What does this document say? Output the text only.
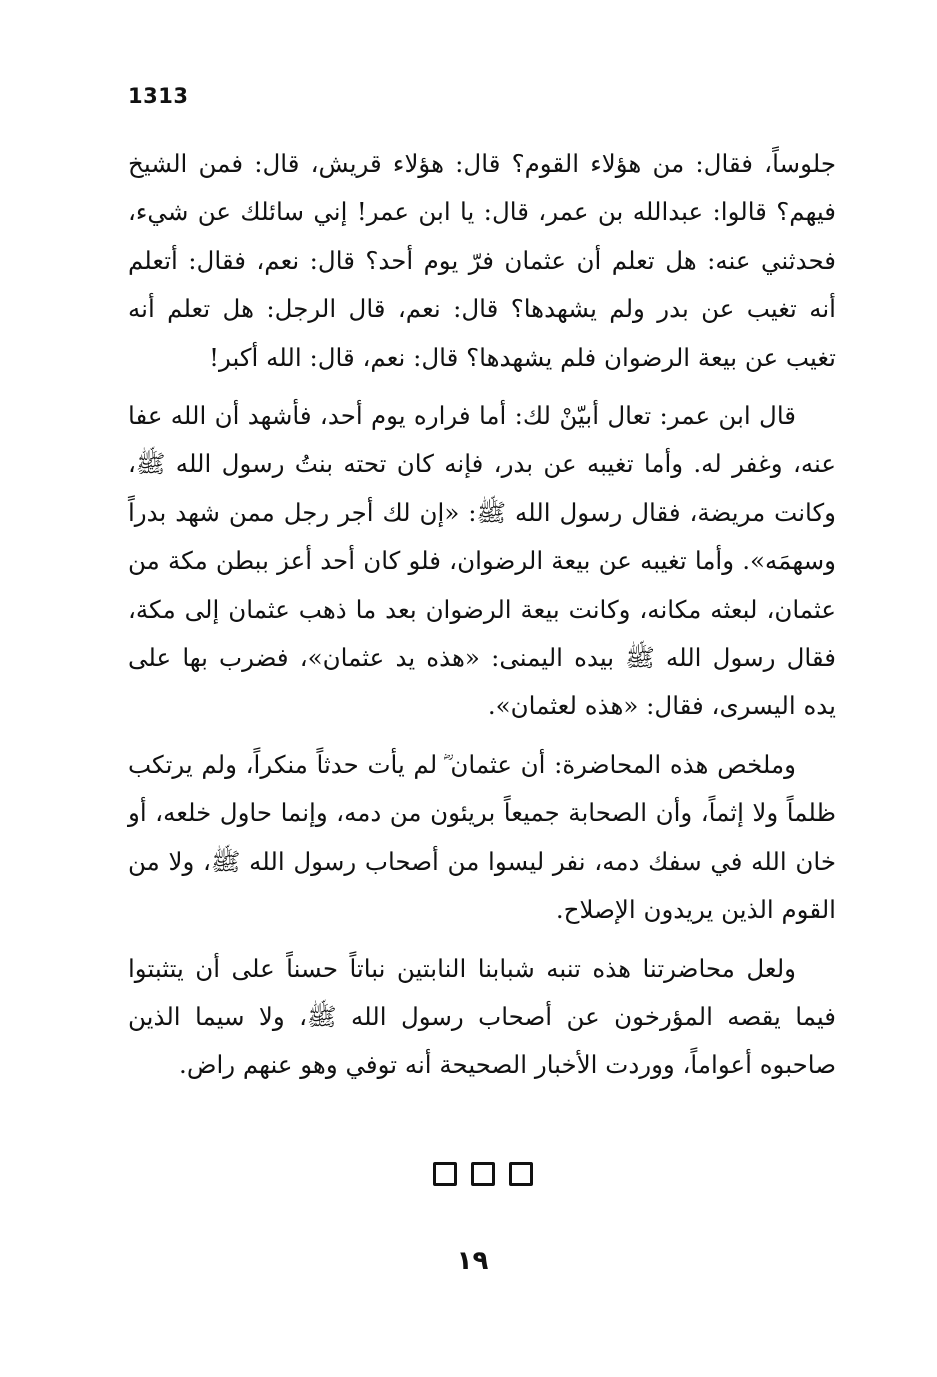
1313

جلوساً، فقال: من هؤلاء القوم؟ قال: هؤلاء قريش، قال: فمن الشيخ فيهم؟ قالوا: عبدالله بن عمر، قال: يا ابن عمر! إني سائلك عن شيء، فحدثني عنه: هل تعلم أن عثمان فرّ يوم أحد؟ قال: نعم، فقال: أتعلم أنه تغيب عن بدر ولم يشهدها؟ قال: نعم، قال الرجل: هل تعلم أنه تغيب عن بيعة الرضوان فلم يشهدها؟ قال: نعم، قال: الله أكبر!

قال ابن عمر: تعال أبيّنْ لك: أما فراره يوم أحد، فأشهد أن الله عفا عنه، وغفر له. وأما تغيبه عن بدر، فإنه كان تحته بنتُ رسول الله ﷺ، وكانت مريضة، فقال رسول الله ﷺ: «إن لك أجر رجل ممن شهد بدراً وسهمَه». وأما تغيبه عن بيعة الرضوان، فلو كان أحد أعز ببطن مكة من عثمان، لبعثه مكانه، وكانت بيعة الرضوان بعد ما ذهب عثمان إلى مكة، فقال رسول الله ﷺ بيده اليمنى: «هذه يد عثمان»، فضرب بها على يده اليسرى، فقال: «هذه لعثمان».

وملخص هذه المحاضرة: أن عثمان ؓ لم يأت حدثاً منكراً، ولم يرتكب ظلماً ولا إثماً، وأن الصحابة جميعاً بريئون من دمه، وإنما حاول خلعه، أو خان الله في سفك دمه، نفر ليسوا من أصحاب رسول الله ﷺ، ولا من القوم الذين يريدون الإصلاح.

ولعل محاضرتنا هذه تنبه شبابنا النابتين نباتاً حسناً على أن يتثبتوا فيما يقصه المؤرخون عن أصحاب رسول الله ﷺ، ولا سيما الذين صاحبوه أعواماً، ووردت الأخبار الصحيحة أنه توفي وهو عنهم راض.

١٩
